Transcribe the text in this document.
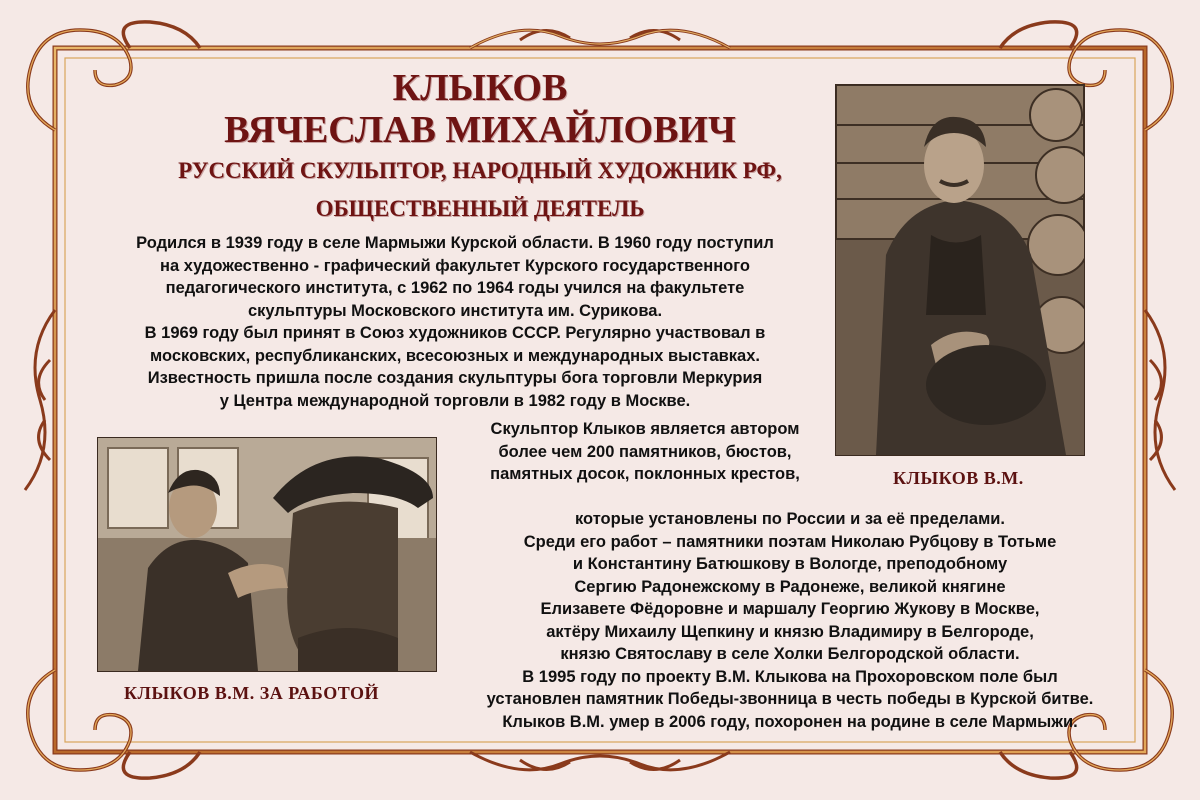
КЛЫКОВ
ВЯЧЕСЛАВ МИХАЙЛОВИЧ
РУССКИЙ СКУЛЬПТОР, НАРОДНЫЙ ХУДОЖНИК РФ,
ОБЩЕСТВЕННЫЙ ДЕЯТЕЛЬ
Родился в 1939 году в селе Мармыжи Курской области. В 1960 году поступил
на художественно - графический факультет Курского государственного
педагогического института, с 1962 по 1964 годы учился на факультете
скульптуры Московского института им. Сурикова.
В 1969 году был принят в Союз художников СССР. Регулярно участвовал в
московских, республиканских, всесоюзных и международных выставках.
Известность пришла после создания скульптуры бога торговли Меркурия
у Центра международной торговли в 1982 году в Москве.
Скульптор Клыков является автором
более чем 200 памятников, бюстов,
памятных досок, поклонных крестов,
которые установлены по России и за её пределами.
Среди его работ – памятники поэтам Николаю Рубцову в Тотьме
и Константину Батюшкову в Вологде, преподобному
Сергию Радонежскому в Радонеже, великой княгине
Елизавете Фёдоровне и маршалу Георгию Жукову в Москве,
актёру Михаилу Щепкину и князю Владимиру в Белгороде,
князю Святославу в селе Холки Белгородской области.
В 1995 году по проекту В.М. Клыкова на Прохоровском поле был
установлен памятник Победы-звонница в честь победы в Курской битве.
Клыков В.М. умер в 2006 году, похоронен на родине в селе Мармыжи.
КЛЫКОВ В.М.
КЛЫКОВ В.М. ЗА РАБОТОЙ
